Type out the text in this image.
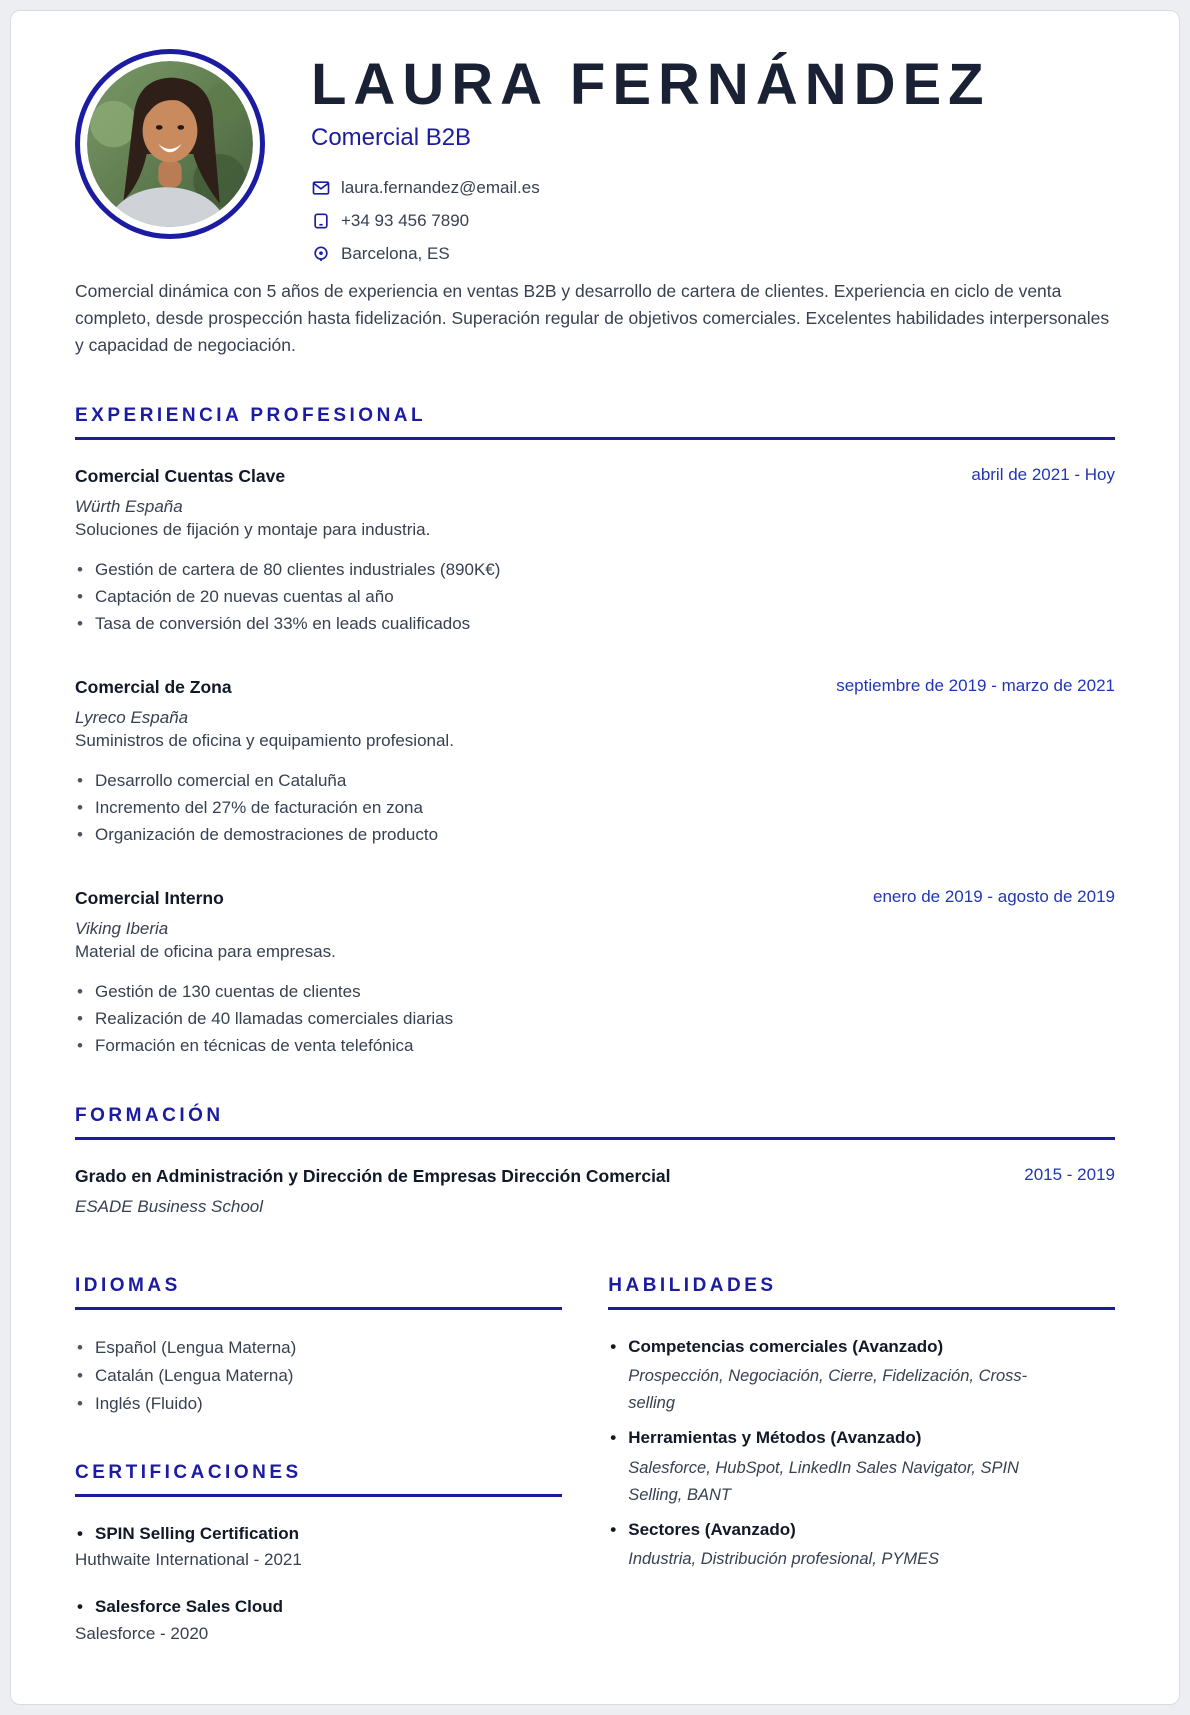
LAURA FERNÁNDEZ
Comercial B2B
laura.fernandez@email.es
+34 93 456 7890
Barcelona, ES

Comercial dinámica con 5 años de experiencia en ventas B2B y desarrollo de cartera de clientes. Experiencia en ciclo de venta completo, desde prospección hasta fidelización. Superación regular de objetivos comerciales. Excelentes habilidades interpersonales y capacidad de negociación.

EXPERIENCIA PROFESIONAL
Comercial Cuentas Clave	abril de 2021 - Hoy
Würth España
Soluciones de fijación y montaje para industria.
• Gestión de cartera de 80 clientes industriales (890K€)
• Captación de 20 nuevas cuentas al año
• Tasa de conversión del 33% en leads cualificados
Comercial de Zona	septiembre de 2019 - marzo de 2021
Lyreco España
Suministros de oficina y equipamiento profesional.
• Desarrollo comercial en Cataluña
• Incremento del 27% de facturación en zona
• Organización de demostraciones de producto
Comercial Interno	enero de 2019 - agosto de 2019
Viking Iberia
Material de oficina para empresas.
• Gestión de 130 cuentas de clientes
• Realización de 40 llamadas comerciales diarias
• Formación en técnicas de venta telefónica
FORMACIÓN
Grado en Administración y Dirección de Empresas Dirección Comercial	2015 - 2019
ESADE Business School
IDIOMAS
• Español (Lengua Materna)
• Catalán (Lengua Materna)
• Inglés (Fluido)
CERTIFICACIONES
• SPIN Selling Certification
Huthwaite International - 2021
• Salesforce Sales Cloud
Salesforce - 2020
HABILIDADES
• Competencias comerciales (Avanzado)
Prospección, Negociación, Cierre, Fidelización, Cross-selling
• Herramientas y Métodos (Avanzado)
Salesforce, HubSpot, LinkedIn Sales Navigator, SPIN Selling, BANT
• Sectores (Avanzado)
Industria, Distribución profesional, PYMES
